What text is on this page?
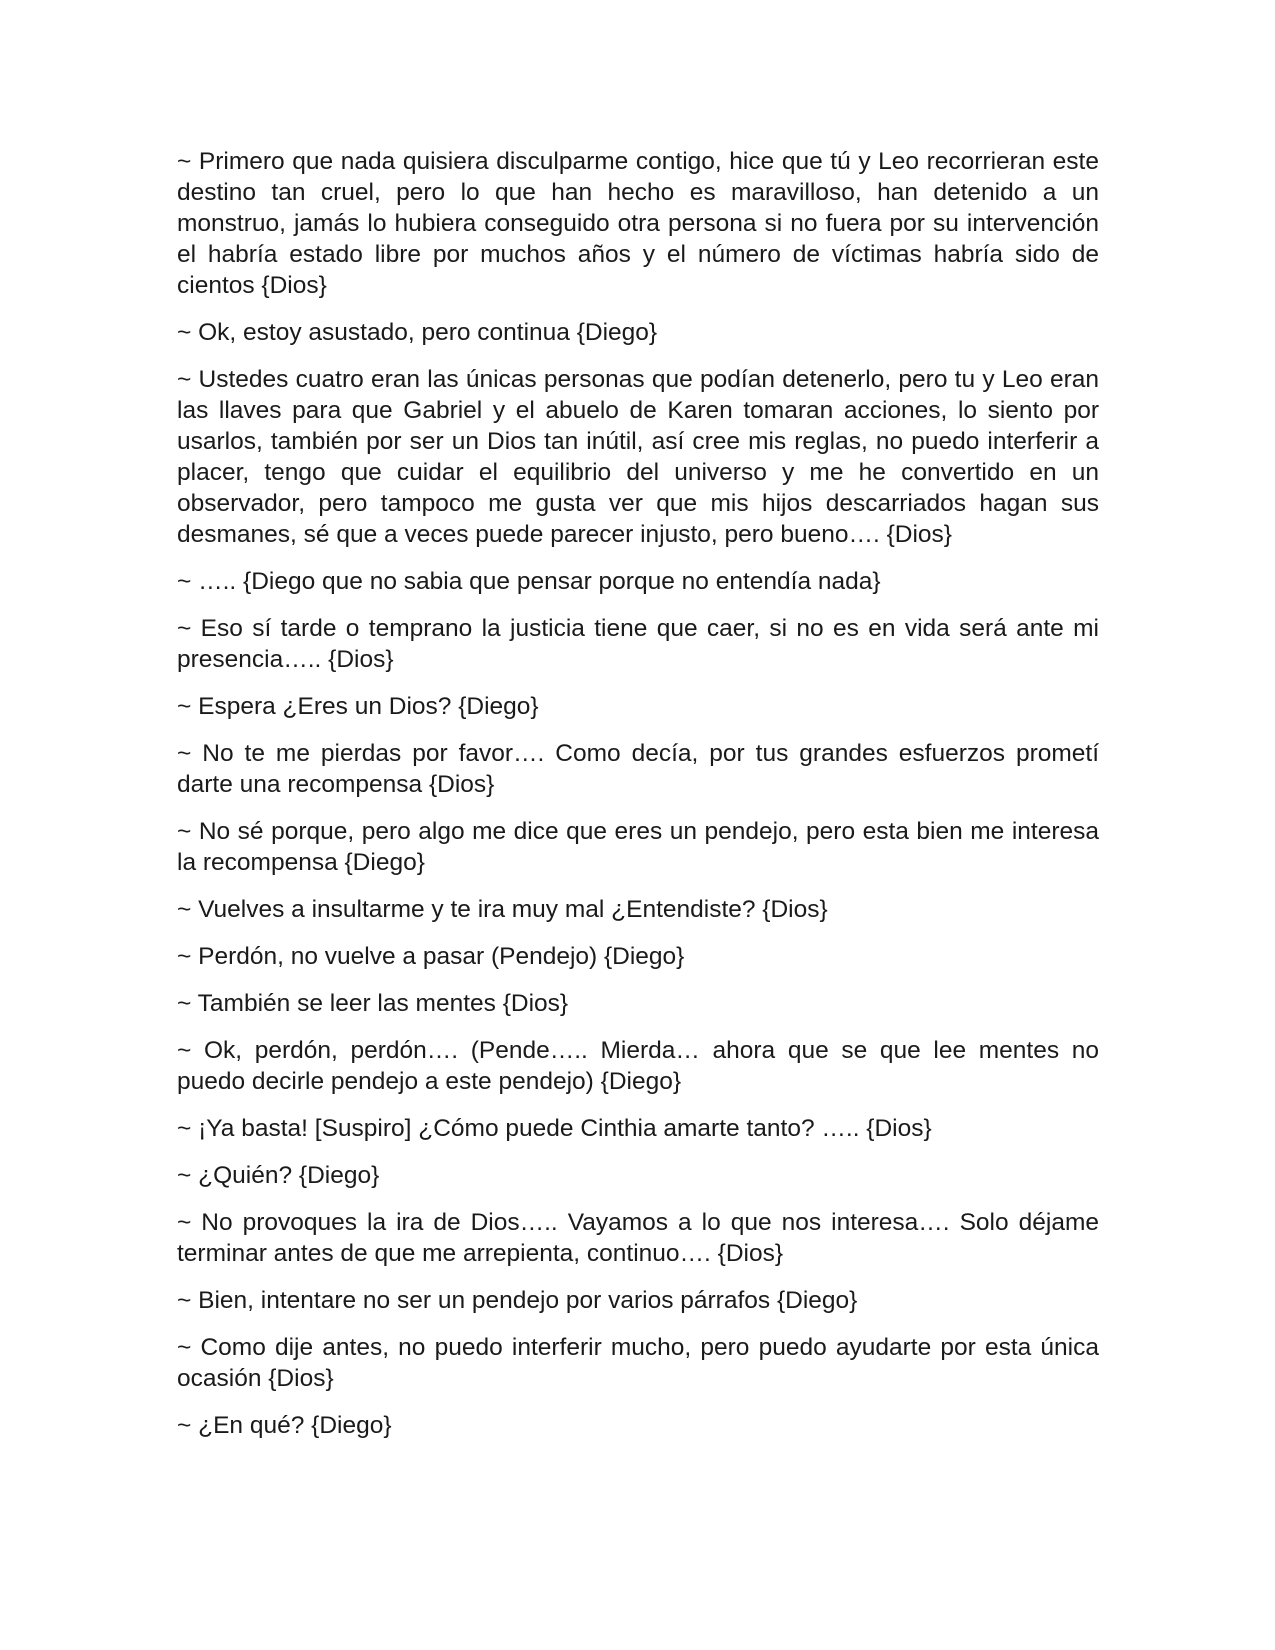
~ Primero que nada quisiera disculparme contigo, hice que tú y Leo recorrieran este destino tan cruel, pero lo que han hecho es maravilloso, han detenido a un monstruo, jamás lo hubiera conseguido otra persona si no fuera por su intervención el habría estado libre por muchos años y el número de víctimas habría sido de cientos {Dios}

~ Ok, estoy asustado, pero continua {Diego}

~ Ustedes cuatro eran las únicas personas que podían detenerlo, pero tu y Leo eran las llaves para que Gabriel y el abuelo de Karen tomaran acciones, lo siento por usarlos, también por ser un Dios tan inútil, así cree mis reglas, no puedo interferir a placer, tengo que cuidar el equilibrio del universo y me he convertido en un observador, pero tampoco me gusta ver que mis hijos descarriados hagan sus desmanes, sé que a veces puede parecer injusto, pero bueno…. {Dios}

~ ….. {Diego que no sabia que pensar porque no entendía nada}

~ Eso sí tarde o temprano la justicia tiene que caer, si no es en vida será ante mi presencia….. {Dios}

~ Espera ¿Eres un Dios? {Diego}

~ No te me pierdas por favor…. Como decía, por tus grandes esfuerzos prometí darte una recompensa {Dios}

~ No sé porque, pero algo me dice que eres un pendejo, pero esta bien me interesa la recompensa {Diego}

~ Vuelves a insultarme y te ira muy mal ¿Entendiste? {Dios}

~ Perdón, no vuelve a pasar (Pendejo) {Diego}

~ También se leer las mentes {Dios}

~ Ok, perdón, perdón…. (Pende….. Mierda… ahora que se que lee mentes no puedo decirle pendejo a este pendejo) {Diego}

~ ¡Ya basta! [Suspiro] ¿Cómo puede Cinthia amarte tanto? ….. {Dios}

~ ¿Quién? {Diego}

~ No provoques la ira de Dios….. Vayamos a lo que nos interesa…. Solo déjame terminar antes de que me arrepienta, continuo…. {Dios}

~ Bien, intentare no ser un pendejo por varios párrafos {Diego}

~ Como dije antes, no puedo interferir mucho, pero puedo ayudarte por esta única ocasión {Dios}

~ ¿En qué? {Diego}
